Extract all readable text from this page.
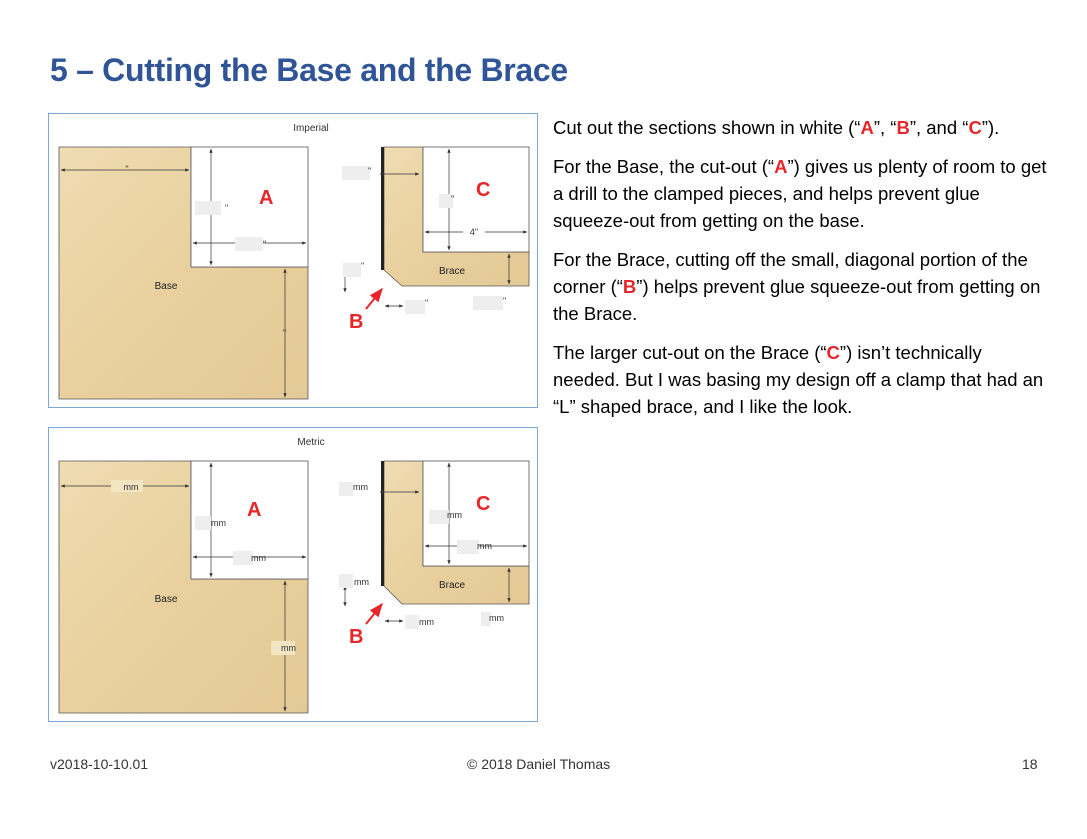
5 – Cutting the Base and the Brace
Imperial
"
"
"
"
A
Base
"
"
4"
C
Brace
"
"
"
B
Metric
mm
mm
mm
mm
A
Base
mm
mm
mm
C
Brace
mm
mm
mm
B

Cut out the sections shown in white (“A”, “B”, and “C”).

For the Base, the cut-out (“A”) gives us plenty of room to get a drill to the clamped pieces, and helps prevent glue squeeze-out from getting on the base.

For the Brace, cutting off the small, diagonal portion of the corner (“B”) helps prevent glue squeeze-out from getting on the Brace.

The larger cut-out on the Brace (“C”) isn’t technically needed. But I was basing my design off a clamp that had an “L” shaped brace, and I like the look.

v2018-10-10.01	© 2018 Daniel Thomas	18
